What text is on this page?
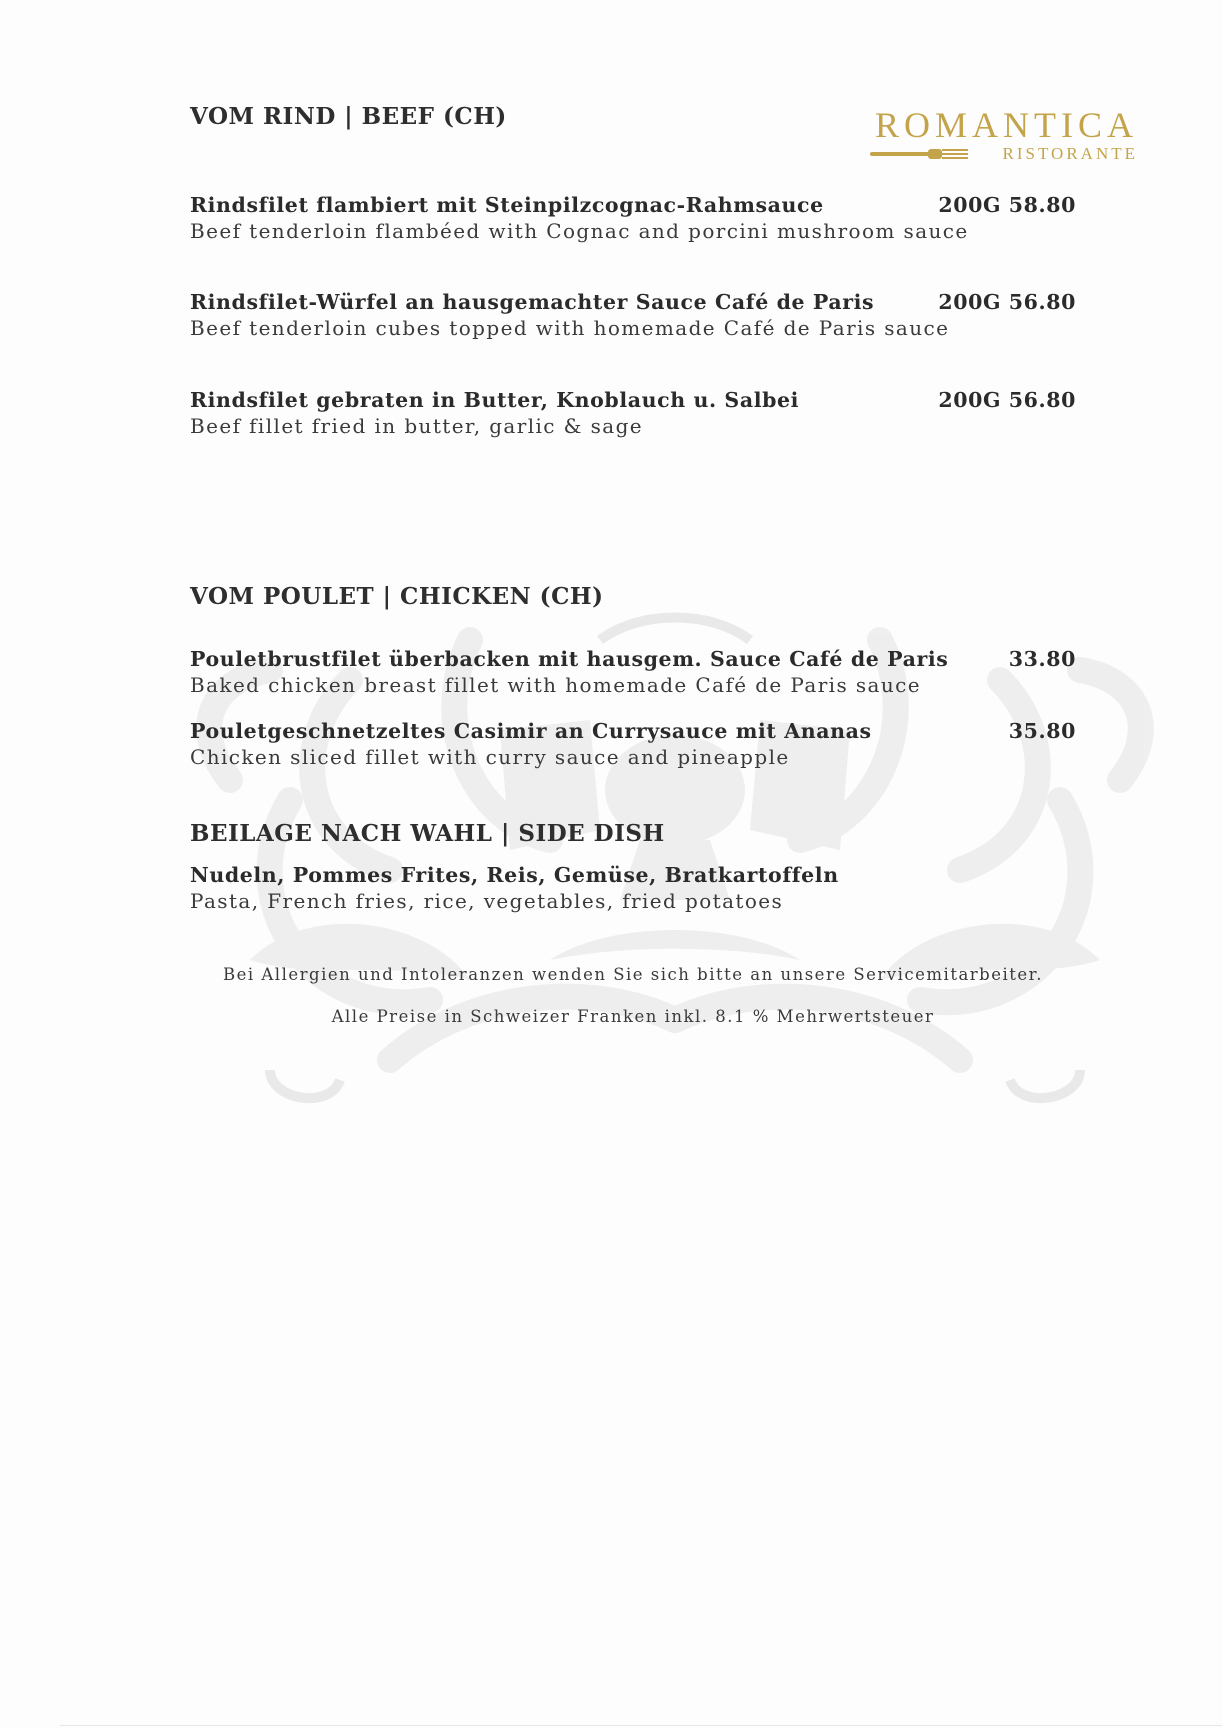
ROMANTICA
RISTORANTE
VOM RIND | BEEF (CH)
Rindsfilet flambiert mit Steinpilzcognac-Rahmsauce
Beef tenderloin flambéed with Cognac and porcini mushroom sauce
200G 58.80
Rindsfilet-Würfel an hausgemachter Sauce Café de Paris
Beef tenderloin cubes topped with homemade Café de Paris sauce
200G 56.80
Rindsfilet gebraten in Butter, Knoblauch u. Salbei
Beef fillet fried in butter, garlic & sage
200G 56.80
VOM POULET | CHICKEN (CH)
Pouletbrustfilet überbacken mit hausgem. Sauce Café de Paris
Baked chicken breast fillet with homemade Café de Paris sauce
33.80
Pouletgeschnetzeltes Casimir an Currysauce mit Ananas
Chicken sliced fillet with curry sauce and pineapple
35.80
BEILAGE NACH WAHL | SIDE DISH
Nudeln, Pommes Frites, Reis, Gemüse, Bratkartoffeln
Pasta, French fries, rice, vegetables, fried potatoes
Bei Allergien und Intoleranzen wenden Sie sich bitte an unsere Servicemitarbeiter.
Alle Preise in Schweizer Franken inkl. 8.1 % Mehrwertsteuer
